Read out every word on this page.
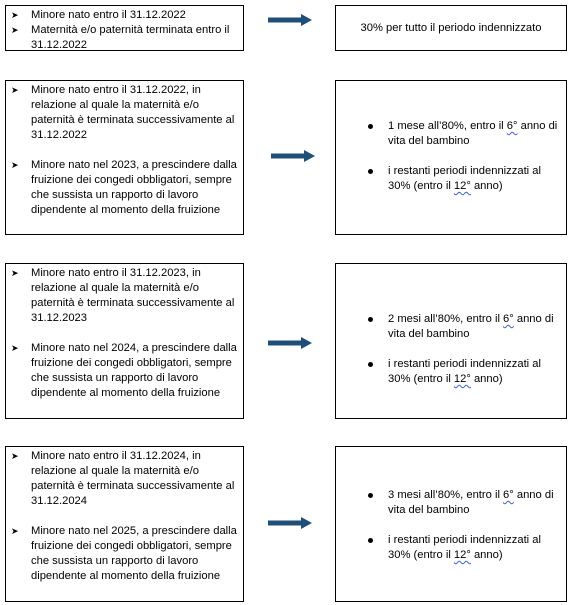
➤ Minore nato entro il 31.12.2022
➤ Maternità e/o paternità terminata entro il 31.12.2022
30% per tutto il periodo indennizzato
➤ Minore nato entro il 31.12.2022, in relazione al quale la maternità e/o paternità è terminata successivamente al 31.12.2022
➤ Minore nato nel 2023, a prescindere dalla fruizione dei congedi obbligatori, sempre che sussista un rapporto di lavoro dipendente al momento della fruizione
1 mese all’80%, entro il 6° anno di vita del bambino
i restanti periodi indennizzati al 30% (entro il 12° anno)
➤ Minore nato entro il 31.12.2023, in relazione al quale la maternità e/o paternità è terminata successivamente al 31.12.2023
➤ Minore nato nel 2024, a prescindere dalla fruizione dei congedi obbligatori, sempre che sussista un rapporto di lavoro dipendente al momento della fruizione
2 mesi all’80%, entro il 6° anno di vita del bambino
i restanti periodi indennizzati al 30% (entro il 12° anno)
➤ Minore nato entro il 31.12.2024, in relazione al quale la maternità e/o paternità è terminata successivamente al 31.12.2024
➤ Minore nato nel 2025, a prescindere dalla fruizione dei congedi obbligatori, sempre che sussista un rapporto di lavoro dipendente al momento della fruizione
3 mesi all’80%, entro il 6° anno di vita del bambino
i restanti periodi indennizzati al 30% (entro il 12° anno)
